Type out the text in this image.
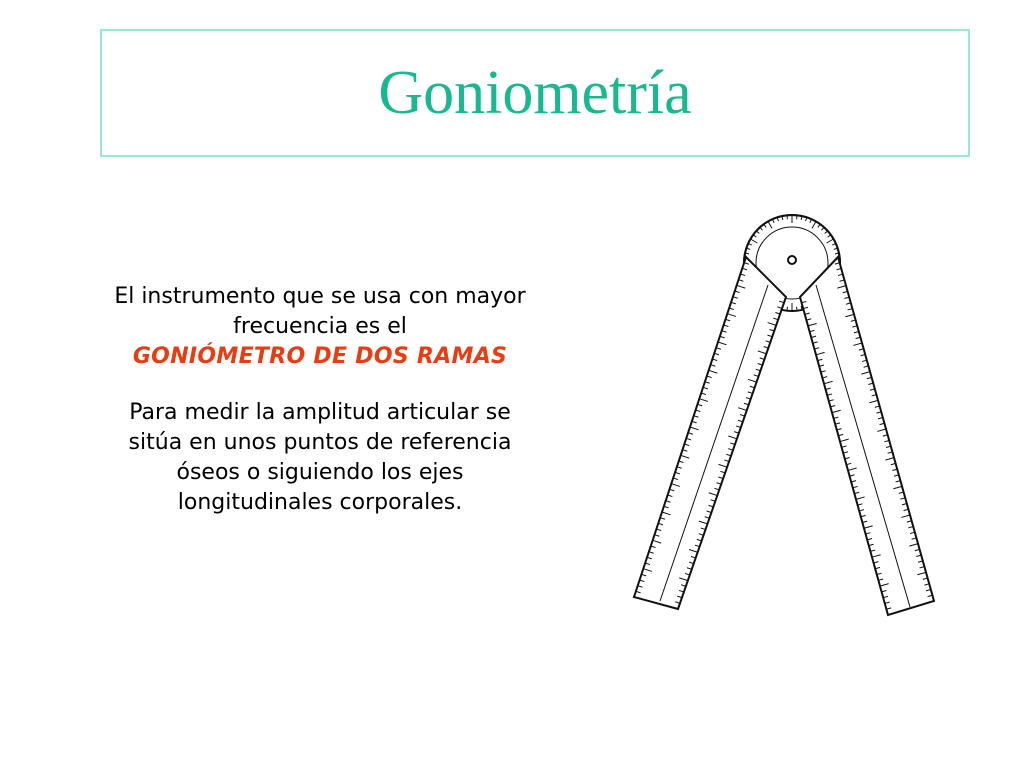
Goniometría

El instrumento que se usa con mayor

frecuencia es el

GONIÓMETRO DE DOS RAMAS

Para medir la amplitud articular se

sitúa en unos puntos de referencia

óseos o siguiendo los ejes

longitudinales corporales.
